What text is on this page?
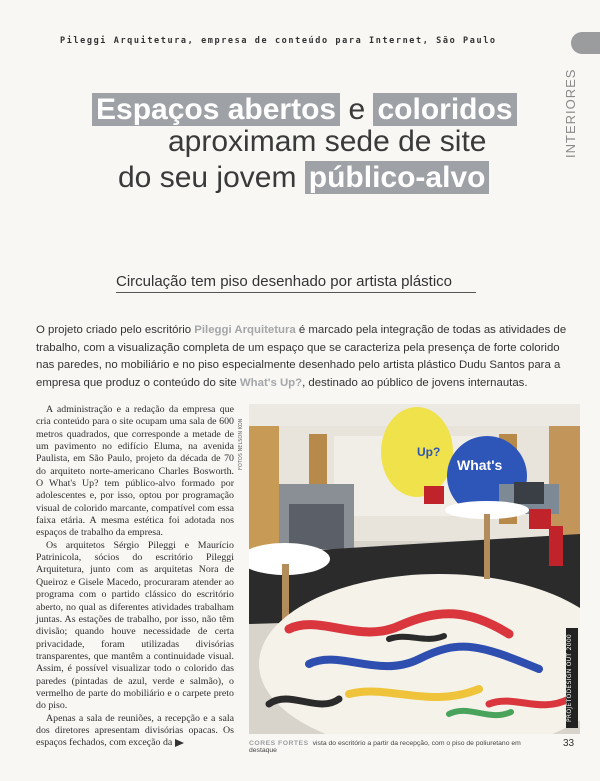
Pileggi Arquitetura, empresa de conteúdo para Internet, São Paulo
INTERIORES
Espaços abertos e coloridos
aproximam sede de site
do seu jovem público-alvo
Circulação tem piso desenhado por artista plástico
O projeto criado pelo escritório Pileggi Arquitetura é marcado pela integração de todas as atividades de trabalho, com a visualização completa de um espaço que se caracteriza pela presença de forte colorido nas paredes, no mobiliário e no piso especialmente desenhado pelo artista plástico Dudu Santos para a empresa que produz o conteúdo do site What's Up?, destinado ao público de jovens internautas.

A administração e a redação da empresa que cria conteúdo para o site ocupam uma sala de 600 metros quadrados, que corresponde a metade de um pavimento no edifício Eluma, na avenida Paulista, em São Paulo, projeto da década de 70 do arquiteto norte-americano Charles Bosworth. O What's Up? tem público-alvo formado por adolescentes e, por isso, optou por programação visual de colorido marcante, compatível com essa faixa etária. A mesma estética foi adotada nos espaços de trabalho da empresa.

Os arquitetos Sérgio Pileggi e Maurício Patrinicola, sócios do escritório Pileggi Arquitetura, junto com as arquitetas Nora de Queiroz e Gisele Macedo, procuraram atender ao programa com o partido clássico do escritório aberto, no qual as diferentes atividades trabalham juntas. As estações de trabalho, por isso, não têm divisão; quando houve necessidade de certa privacidade, foram utilizadas divisórias transparentes, que mantêm a continuidade visual. Assim, é possível visualizar todo o colorido das paredes (pintadas de azul, verde e salmão), o vermelho de parte do mobiliário e o carpete preto do piso.

Apenas a sala de reuniões, a recepção e a sala dos diretores apresentam divisórias opacas. Os espaços fechados, com exceção da

FOTOS NELSON KON	What's
Up?
PROJETODESIGN OUT 2000
CORES FORTES vista do escritório a partir da recepção, com o piso de poliuretano em destaque
33
